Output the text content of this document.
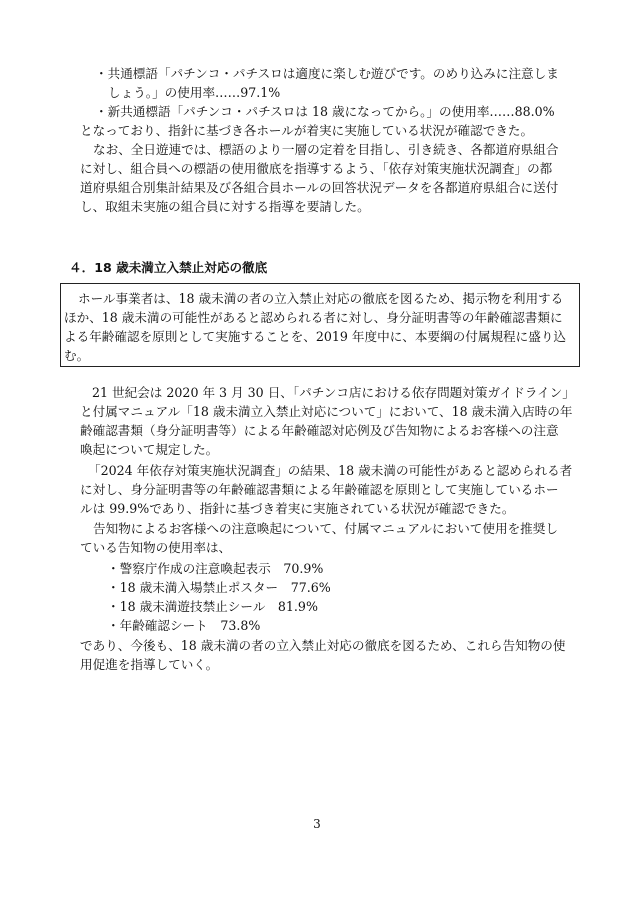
・共通標語「パチンコ・パチスロは適度に楽しむ遊びです。のめり込みに注意しま
しょう。」の使用率……97.1%
・新共通標語「パチンコ・パチスロは 18 歳になってから。」の使用率……88.0%
となっており、指針に基づき各ホールが着実に実施している状況が確認できた。
なお、全日遊連では、標語のより一層の定着を目指し、引き続き、各都道府県組合
に対し、組合員への標語の使用徹底を指導するよう、「依存対策実施状況調査」の都
道府県組合別集計結果及び各組合員ホールの回答状況データを各都道府県組合に送付
し、取組未実施の組合員に対する指導を要請した。
４．18 歳未満立入禁止対応の徹底
ホール事業者は、18 歳未満の者の立入禁止対応の徹底を図るため、掲示物を利用する
ほか、18 歳未満の可能性があると認められる者に対し、身分証明書等の年齢確認書類に
よる年齢確認を原則として実施することを、2019 年度中に、本要綱の付属規程に盛り込
む。
21 世紀会は 2020 年 3 月 30 日、「パチンコ店における依存問題対策ガイドライン」
と付属マニュアル「18 歳未満立入禁止対応について」において、18 歳未満入店時の年
齢確認書類（身分証明書等）による年齢確認対応例及び告知物によるお客様への注意
喚起について規定した。
「2024 年依存対策実施状況調査」の結果、18 歳未満の可能性があると認められる者
に対し、身分証明書等の年齢確認書類による年齢確認を原則として実施しているホー
ルは 99.9%であり、指針に基づき着実に実施されている状況が確認できた。
告知物によるお客様への注意喚起について、付属マニュアルにおいて使用を推奨し
ている告知物の使用率は、
・警察庁作成の注意喚起表示　70.9%
・18 歳未満入場禁止ポスター　77.6%
・18 歳未満遊技禁止シール　81.9%
・年齢確認シート　73.8%
であり、今後も、18 歳未満の者の立入禁止対応の徹底を図るため、これら告知物の使
用促進を指導していく。
3
